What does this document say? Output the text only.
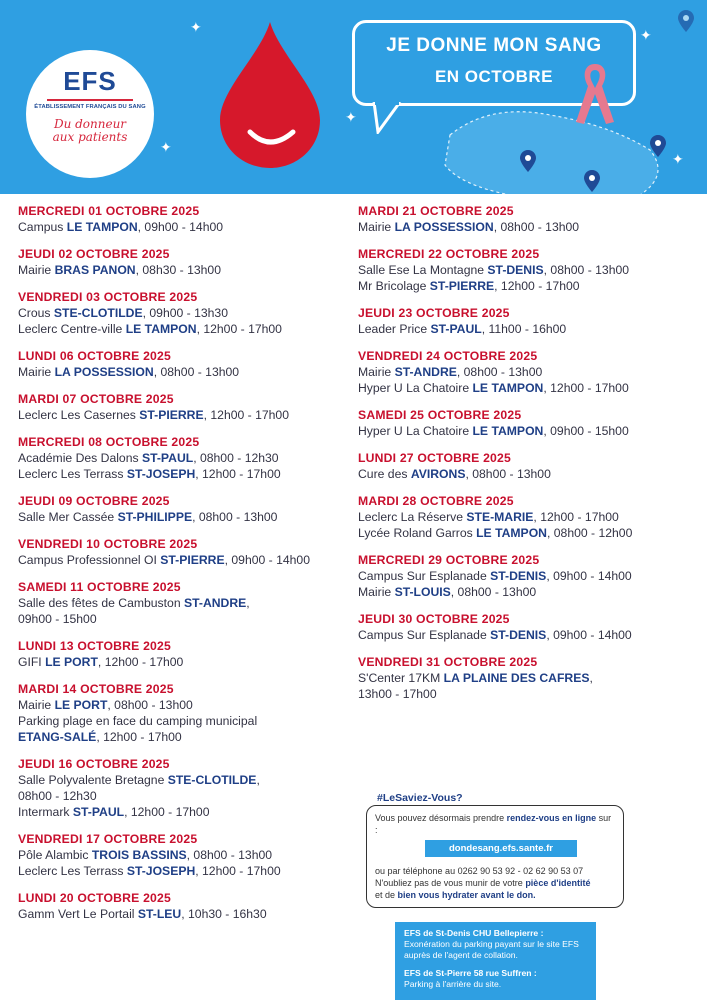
✦
✦
✦
✦
✦
EFS
ÉTABLISSEMENT FRANÇAIS DU SANG
Du donneur
aux patients
JE DONNE MON SANG
EN OCTOBRE
MERCREDI 01 OCTOBRE 2025
Campus LE TAMPON, 09h00 - 14h00
JEUDI 02 OCTOBRE 2025
Mairie BRAS PANON, 08h30 - 13h00
VENDREDI 03 OCTOBRE 2025
Crous STE-CLOTILDE, 09h00 - 13h30
Leclerc Centre-ville LE TAMPON, 12h00 - 17h00
LUNDI 06 OCTOBRE 2025
Mairie LA POSSESSION, 08h00 - 13h00
MARDI 07 OCTOBRE 2025
Leclerc Les Casernes ST-PIERRE, 12h00 - 17h00
MERCREDI 08 OCTOBRE 2025
Académie Des Dalons ST-PAUL, 08h00 - 12h30
Leclerc Les Terrass ST-JOSEPH, 12h00 - 17h00
JEUDI 09 OCTOBRE 2025
Salle Mer Cassée ST-PHILIPPE, 08h00 - 13h00
VENDREDI 10 OCTOBRE 2025
Campus Professionnel OI ST-PIERRE, 09h00 - 14h00
SAMEDI 11 OCTOBRE 2025
Salle des fêtes de Cambuston ST-ANDRE,
09h00 - 15h00
LUNDI 13 OCTOBRE 2025
GIFI LE PORT, 12h00 - 17h00
MARDI 14 OCTOBRE 2025
Mairie LE PORT, 08h00 - 13h00
Parking plage en face du camping municipal
ETANG-SALÉ, 12h00 - 17h00
JEUDI 16 OCTOBRE 2025
Salle Polyvalente Bretagne STE-CLOTILDE,
08h00 - 12h30
Intermark ST-PAUL, 12h00 - 17h00
VENDREDI 17 OCTOBRE 2025
Pôle Alambic TROIS BASSINS, 08h00 - 13h00
Leclerc Les Terrass ST-JOSEPH, 12h00 - 17h00
LUNDI 20 OCTOBRE 2025
Gamm Vert Le Portail ST-LEU, 10h30 - 16h30
MARDI 21 OCTOBRE 2025
Mairie LA POSSESSION, 08h00 - 13h00
MERCREDI 22 OCTOBRE 2025
Salle Ese La Montagne ST-DENIS, 08h00 - 13h00
Mr Bricolage ST-PIERRE, 12h00 - 17h00
JEUDI 23 OCTOBRE 2025
Leader Price ST-PAUL, 11h00 - 16h00
VENDREDI 24 OCTOBRE 2025
Mairie ST-ANDRE, 08h00 - 13h00
Hyper U La Chatoire LE TAMPON, 12h00 - 17h00
SAMEDI 25 OCTOBRE 2025
Hyper U La Chatoire LE TAMPON, 09h00 - 15h00
LUNDI 27 OCTOBRE 2025
Cure des AVIRONS, 08h00 - 13h00
MARDI 28 OCTOBRE 2025
Leclerc La Réserve STE-MARIE, 12h00 - 17h00
Lycée Roland Garros LE TAMPON, 08h00 - 12h00
MERCREDI 29 OCTOBRE 2025
Campus Sur Esplanade ST-DENIS, 09h00 - 14h00
Mairie ST-LOUIS, 08h00 - 13h00
JEUDI 30 OCTOBRE 2025
Campus Sur Esplanade ST-DENIS, 09h00 - 14h00
VENDREDI 31 OCTOBRE 2025
S'Center 17KM LA PLAINE DES CAFRES,
13h00 - 17h00
#LeSaviez-Vous?
Vous pouvez désormais prendre rendez-vous en ligne sur :
dondesang.efs.sante.fr
ou par téléphone au 0262 90 53 92 - 02 62 90 53 07
N'oubliez pas de vous munir de votre pièce d'identité
et de bien vous hydrater avant le don.
EFS de St-Denis CHU Bellepierre :
Exonération du parking payant sur le site EFS auprès de l'agent de collation.
EFS de St-Pierre 58 rue Suffren :
Parking à l'arrière du site.
